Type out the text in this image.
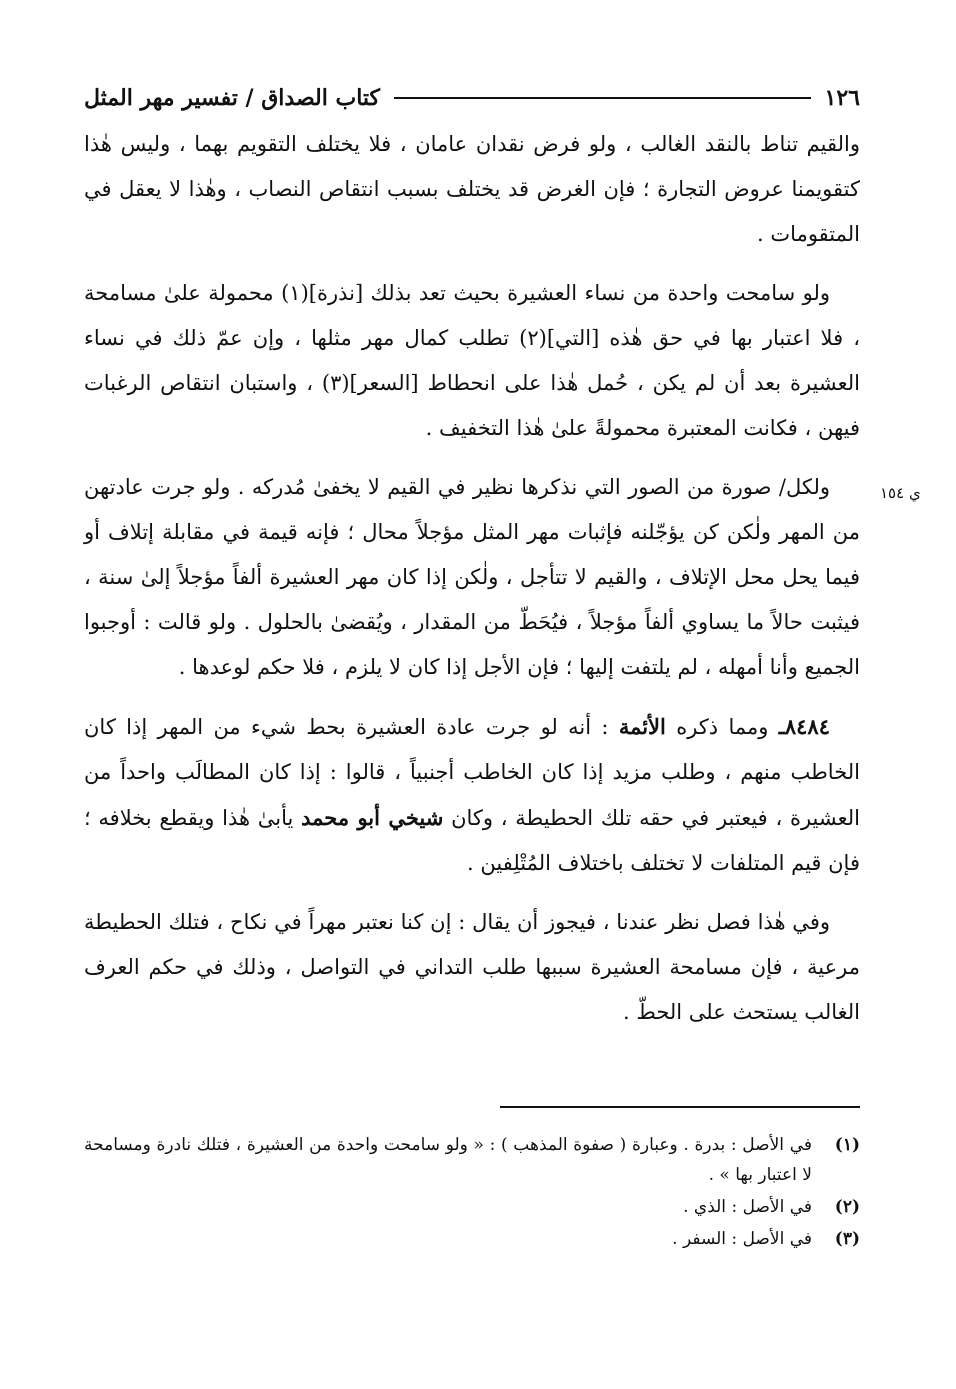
١٢٦
كتاب الصداق / تفسير مهر المثل
ي ١٥٤

والقيم تناط بالنقد الغالب ، ولو فرض نقدان عامان ، فلا يختلف التقويم بهما ، وليس هٰذا كتقويمنا عروض التجارة ؛ فإن الغرض قد يختلف بسبب انتقاص النصاب ، وهٰذا لا يعقل في المتقومات .

ولو سامحت واحدة من نساء العشيرة بحيث تعد بذلك [نذرة](١) محمولة علىٰ مسامحة ، فلا اعتبار بها في حق هٰذه [التي](٢) تطلب كمال مهر مثلها ، وإن عمّ ذلك في نساء العشيرة بعد أن لم يكن ، حُمل هٰذا على انحطاط [السعر](٣) ، واستبان انتقاص الرغبات فيهن ، فكانت المعتبرة محمولةً علىٰ هٰذا التخفيف .

ولكل/ صورة من الصور التي نذكرها نظير في القيم لا يخفىٰ مُدركه . ولو جرت عادتهن من المهر ولٰكن كن يؤجّلنه فإثبات مهر المثل مؤجلاً محال ؛ فإنه قيمة في مقابلة إتلاف أو فيما يحل محل الإتلاف ، والقيم لا تتأجل ، ولٰكن إذا كان مهر العشيرة ألفاً مؤجلاً إلىٰ سنة ، فيثبت حالاً ما يساوي ألفاً مؤجلاً ، فيُحَطّ من المقدار ، ويُقضىٰ بالحلول . ولو قالت : أوجبوا الجميع وأنا أمهله ، لم يلتفت إليها ؛ فإن الأجل إذا كان لا يلزم ، فلا حكم لوعدها .

٨٤٨٤ـ ومما ذكره الأئمة : أنه لو جرت عادة العشيرة بحط شيء من المهر إذا كان الخاطب منهم ، وطلب مزيد إذا كان الخاطب أجنبياً ، قالوا : إذا كان المطالَب واحداً من العشيرة ، فيعتبر في حقه تلك الحطيطة ، وكان شيخي أبو محمد يأبىٰ هٰذا ويقطع بخلافه ؛ فإن قيم المتلفات لا تختلف باختلاف المُتْلِفين .

وفي هٰذا فصل نظر عندنا ، فيجوز أن يقال : إن كنا نعتبر مهراً في نكاح ، فتلك الحطيطة مرعية ، فإن مسامحة العشيرة سببها طلب التداني في التواصل ، وذلك في حكم العرف الغالب يستحث على الحطّ .

(١)
في الأصل : بدرة . وعبارة ( صفوة المذهب ) : « ولو سامحت واحدة من العشيرة ، فتلك نادرة ومسامحة لا اعتبار بها » .
(٢)
في الأصل : الذي .
(٣)
في الأصل : السفر .
